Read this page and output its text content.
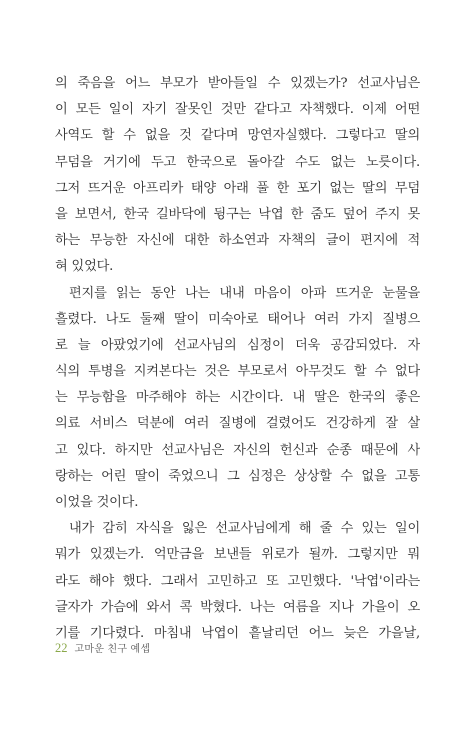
의 죽음을 어느 부모가 받아들일 수 있겠는가? 선교사님은
이 모든 일이 자기 잘못인 것만 같다고 자책했다. 이제 어떤
사역도 할 수 없을 것 같다며 망연자실했다. 그렇다고 딸의
무덤을 거기에 두고 한국으로 돌아갈 수도 없는 노릇이다.
그저 뜨거운 아프리카 태양 아래 풀 한 포기 없는 딸의 무덤
을 보면서, 한국 길바닥에 뒹구는 낙엽 한 줌도 덮어 주지 못
하는 무능한 자신에 대한 하소연과 자책의 글이 편지에 적
혀 있었다.
편지를 읽는 동안 나는 내내 마음이 아파 뜨거운 눈물을
흘렸다. 나도 둘째 딸이 미숙아로 태어나 여러 가지 질병으
로 늘 아팠었기에 선교사님의 심정이 더욱 공감되었다. 자
식의 투병을 지켜본다는 것은 부모로서 아무것도 할 수 없다
는 무능함을 마주해야 하는 시간이다. 내 딸은 한국의 좋은
의료 서비스 덕분에 여러 질병에 걸렸어도 건강하게 잘 살
고 있다. 하지만 선교사님은 자신의 헌신과 순종 때문에 사
랑하는 어린 딸이 죽었으니 그 심정은 상상할 수 없을 고통
이었을 것이다.
내가 감히 자식을 잃은 선교사님에게 해 줄 수 있는 일이
뭐가 있겠는가. 억만금을 보낸들 위로가 될까. 그렇지만 뭐
라도 해야 했다. 그래서 고민하고 또 고민했다. '낙엽'이라는
글자가 가슴에 와서 콕 박혔다. 나는 여름을 지나 가을이 오
기를 기다렸다. 마침내 낙엽이 흩날리던 어느 늦은 가을날,
22 고마운 친구 예셉
